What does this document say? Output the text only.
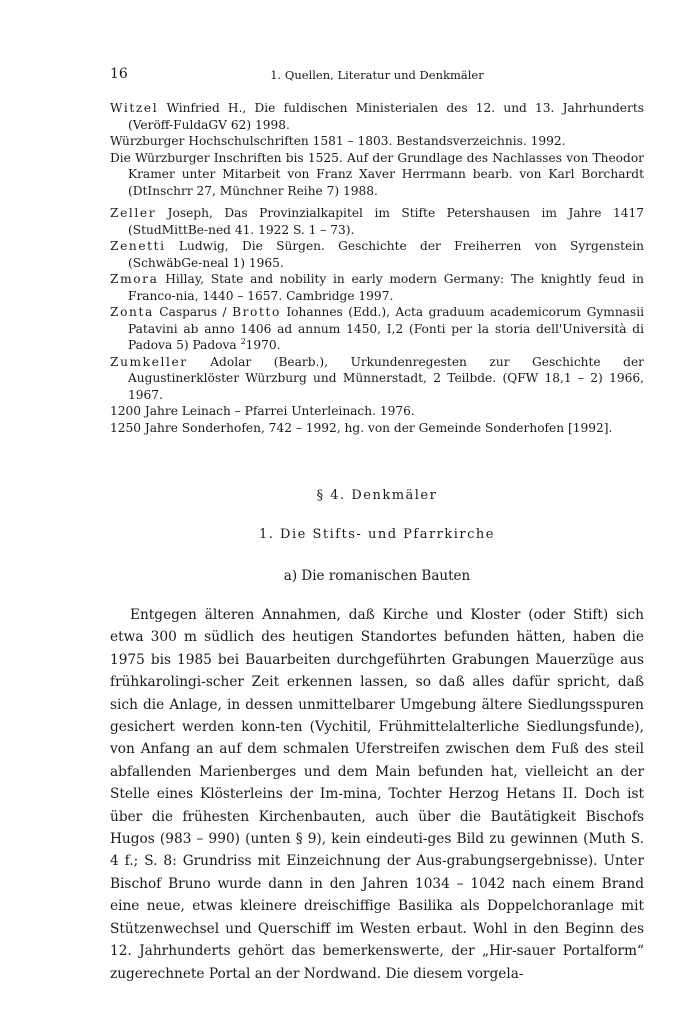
16	1. Quellen, Literatur und Denkmäler

Witzel Winfried H., Die fuldischen Ministerialen des 12. und 13. Jahrhunderts (Veröff-FuldaGV 62) 1998.

Würzburger Hochschulschriften 1581 – 1803. Bestandsverzeichnis. 1992.

Die Würzburger Inschriften bis 1525. Auf der Grundlage des Nachlasses von Theodor Kramer unter Mitarbeit von Franz Xaver Herrmann bearb. von Karl Borchardt (DtInschrr 27, Münchner Reihe 7) 1988.

Zeller Joseph, Das Provinzialkapitel im Stifte Petershausen im Jahre 1417 (StudMittBe-ned 41. 1922 S. 1 – 73).

Zenetti Ludwig, Die Sürgen. Geschichte der Freiherren von Syrgenstein (SchwäbGe-neal 1) 1965.

Zmora Hillay, State and nobility in early modern Germany: The knightly feud in Franco-nia, 1440 – 1657. Cambridge 1997.

Zonta Casparus / Brotto Iohannes (Edd.), Acta graduum academicorum Gymnasii Patavini ab anno 1406 ad annum 1450, I,2 (Fonti per la storia dell'Università di Padova 5) Padova $^2$1970.

Zumkeller Adolar (Bearb.), Urkundenregesten zur Geschichte der Augustinerklöster Würzburg und Münnerstadt, 2 Teilbde. (QFW 18,1 – 2) 1966, 1967.

1200 Jahre Leinach – Pfarrei Unterleinach. 1976.

1250 Jahre Sonderhofen, 742 – 1992, hg. von der Gemeinde Sonderhofen [1992].

§ 4. Denkmäler
1. Die Stifts- und Pfarrkirche
a) Die romanischen Bauten

Entgegen älteren Annahmen, daß Kirche und Kloster (oder Stift) sich etwa 300 m südlich des heutigen Standortes befunden hätten, haben die 1975 bis 1985 bei Bauarbeiten durchgeführten Grabungen Mauerzüge aus frühkarolingi-scher Zeit erkennen lassen, so daß alles dafür spricht, daß sich die Anlage, in dessen unmittelbarer Umgebung ältere Siedlungsspuren gesichert werden konn-ten (Vychitil, Frühmittelalterliche Siedlungsfunde), von Anfang an auf dem schmalen Uferstreifen zwischen dem Fuß des steil abfallenden Marienberges und dem Main befunden hat, vielleicht an der Stelle eines Klösterleins der Im-mina, Tochter Herzog Hetans II. Doch ist über die frühesten Kirchenbauten, auch über die Bautätigkeit Bischofs Hugos (983 – 990) (unten § 9), kein eindeuti-ges Bild zu gewinnen (Muth S. 4 f.; S. 8: Grundriss mit Einzeichnung der Aus-grabungsergebnisse). Unter Bischof Bruno wurde dann in den Jahren 1034 – 1042 nach einem Brand eine neue, etwas kleinere dreischiffige Basilika als Doppelchoranlage mit Stützenwechsel und Querschiff im Westen erbaut. Wohl in den Beginn des 12. Jahrhunderts gehört das bemerkenswerte, der „Hir-sauer Portalform“ zugerechnete Portal an der Nordwand. Die diesem vorgela-
